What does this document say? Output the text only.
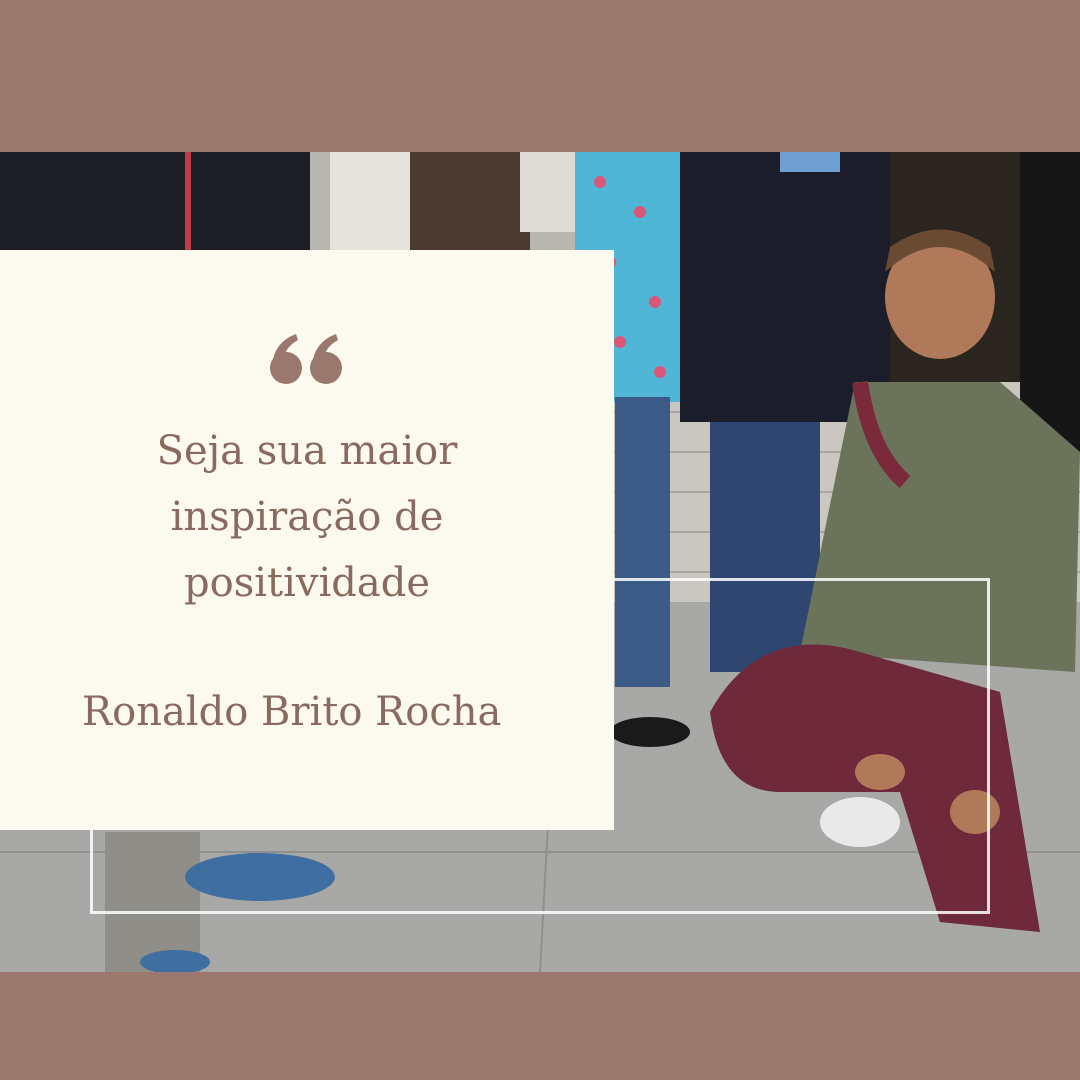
Seja sua maior
inspiração de
positividade
Ronaldo Brito Rocha
